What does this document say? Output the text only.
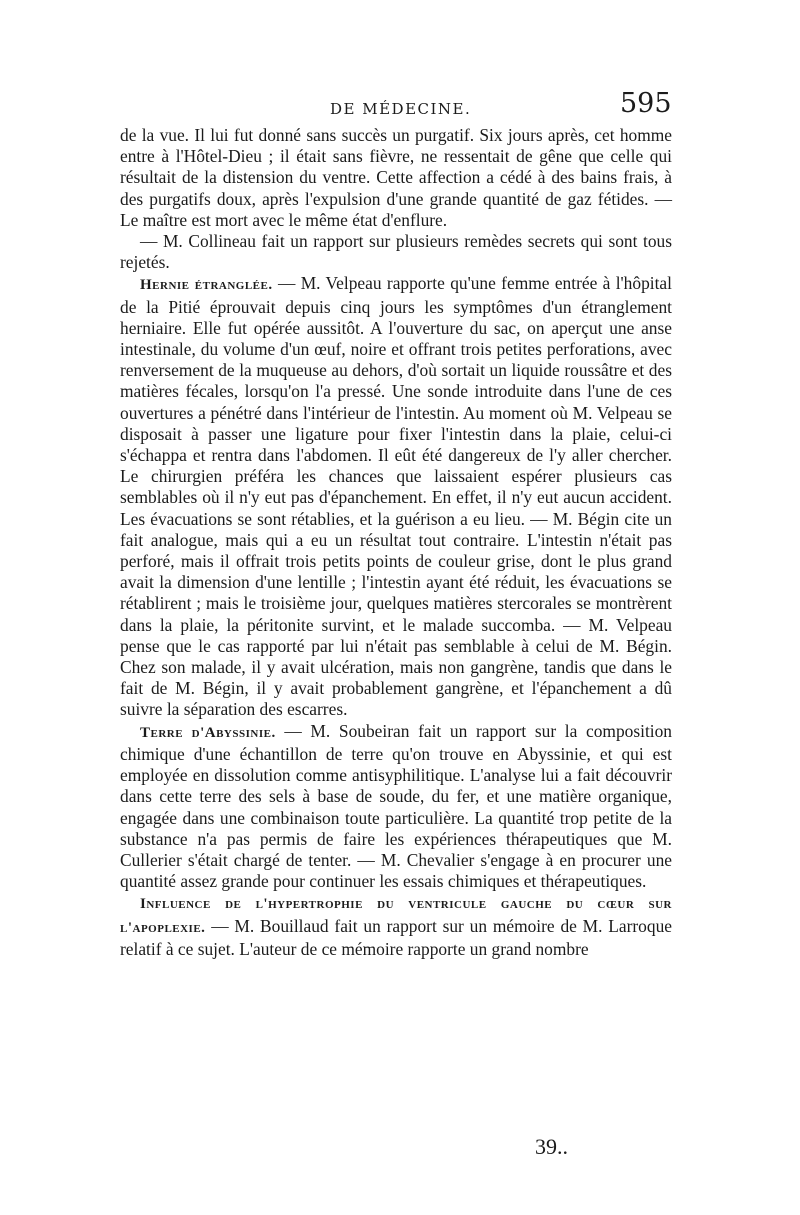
DE MÉDECINE.	595

de la vue. Il lui fut donné sans succès un purgatif. Six jours après, cet homme entre à l'Hôtel-Dieu ; il était sans fièvre, ne ressentait de gêne que celle qui résultait de la distension du ventre. Cette affection a cédé à des bains frais, à des purgatifs doux, après l'expulsion d'une grande quantité de gaz fétides. — Le maître est mort avec le même état d'enflure.

— M. Collineau fait un rapport sur plusieurs remèdes secrets qui sont tous rejetés.

Hernie étranglée. — M. Velpeau rapporte qu'une femme entrée à l'hôpital de la Pitié éprouvait depuis cinq jours les symptômes d'un étranglement herniaire. Elle fut opérée aussitôt. A l'ouverture du sac, on aperçut une anse intestinale, du volume d'un œuf, noire et offrant trois petites perforations, avec renversement de la muqueuse au dehors, d'où sortait un liquide roussâtre et des matières fécales, lorsqu'on l'a pressé. Une sonde introduite dans l'une de ces ouvertures a pénétré dans l'intérieur de l'intestin. Au moment où M. Velpeau se disposait à passer une ligature pour fixer l'intestin dans la plaie, celui-ci s'échappa et rentra dans l'abdomen. Il eût été dangereux de l'y aller chercher. Le chirurgien préféra les chances que laissaient espérer plusieurs cas semblables où il n'y eut pas d'épanchement. En effet, il n'y eut aucun accident. Les évacuations se sont rétablies, et la guérison a eu lieu. — M. Bégin cite un fait analogue, mais qui a eu un résultat tout contraire. L'intestin n'était pas perforé, mais il offrait trois petits points de couleur grise, dont le plus grand avait la dimension d'une lentille ; l'intestin ayant été réduit, les évacuations se rétablirent ; mais le troisième jour, quelques matières stercorales se montrèrent dans la plaie, la péritonite survint, et le malade succomba. — M. Velpeau pense que le cas rapporté par lui n'était pas semblable à celui de M. Bégin. Chez son malade, il y avait ulcération, mais non gangrène, tandis que dans le fait de M. Bégin, il y avait probablement gangrène, et l'épanchement a dû suivre la séparation des escarres.

Terre d'Abyssinie. — M. Soubeiran fait un rapport sur la composition chimique d'une échantillon de terre qu'on trouve en Abyssinie, et qui est employée en dissolution comme antisyphilitique. L'analyse lui a fait découvrir dans cette terre des sels à base de soude, du fer, et une matière organique, engagée dans une combinaison toute particulière. La quantité trop petite de la substance n'a pas permis de faire les expériences thérapeutiques que M. Cullerier s'était chargé de tenter. — M. Chevalier s'engage à en procurer une quantité assez grande pour continuer les essais chimiques et thérapeutiques.

Influence de l'hypertrophie du ventricule gauche du cœur sur l'apoplexie. — M. Bouillaud fait un rapport sur un mémoire de M. Larroque relatif à ce sujet. L'auteur de ce mémoire rapporte un grand nombre

39..
